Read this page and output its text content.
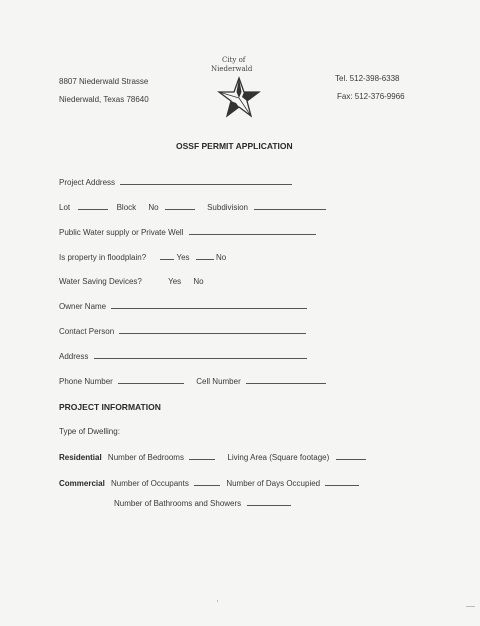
City of
Niederwald
8807 Niederwald Strasse
Niederwald, Texas 78640
Tel. 512-398-6338
Fax: 512-376-9966
OSSF PERMIT APPLICATION
Project Address
Lot	Block No	Subdivision
Public Water supply or Private Well
Is property in floodplain?	Yes	No
Water Saving Devices?	Yes No
Owner Name
Contact Person
Address
Phone Number	Cell Number
PROJECT INFORMATION
Type of Dwelling:
Residential Number of Bedrooms	Living Area (Square footage)
Commercial Number of Occupants	Number of Days Occupied
Number of Bathrooms and Showers
